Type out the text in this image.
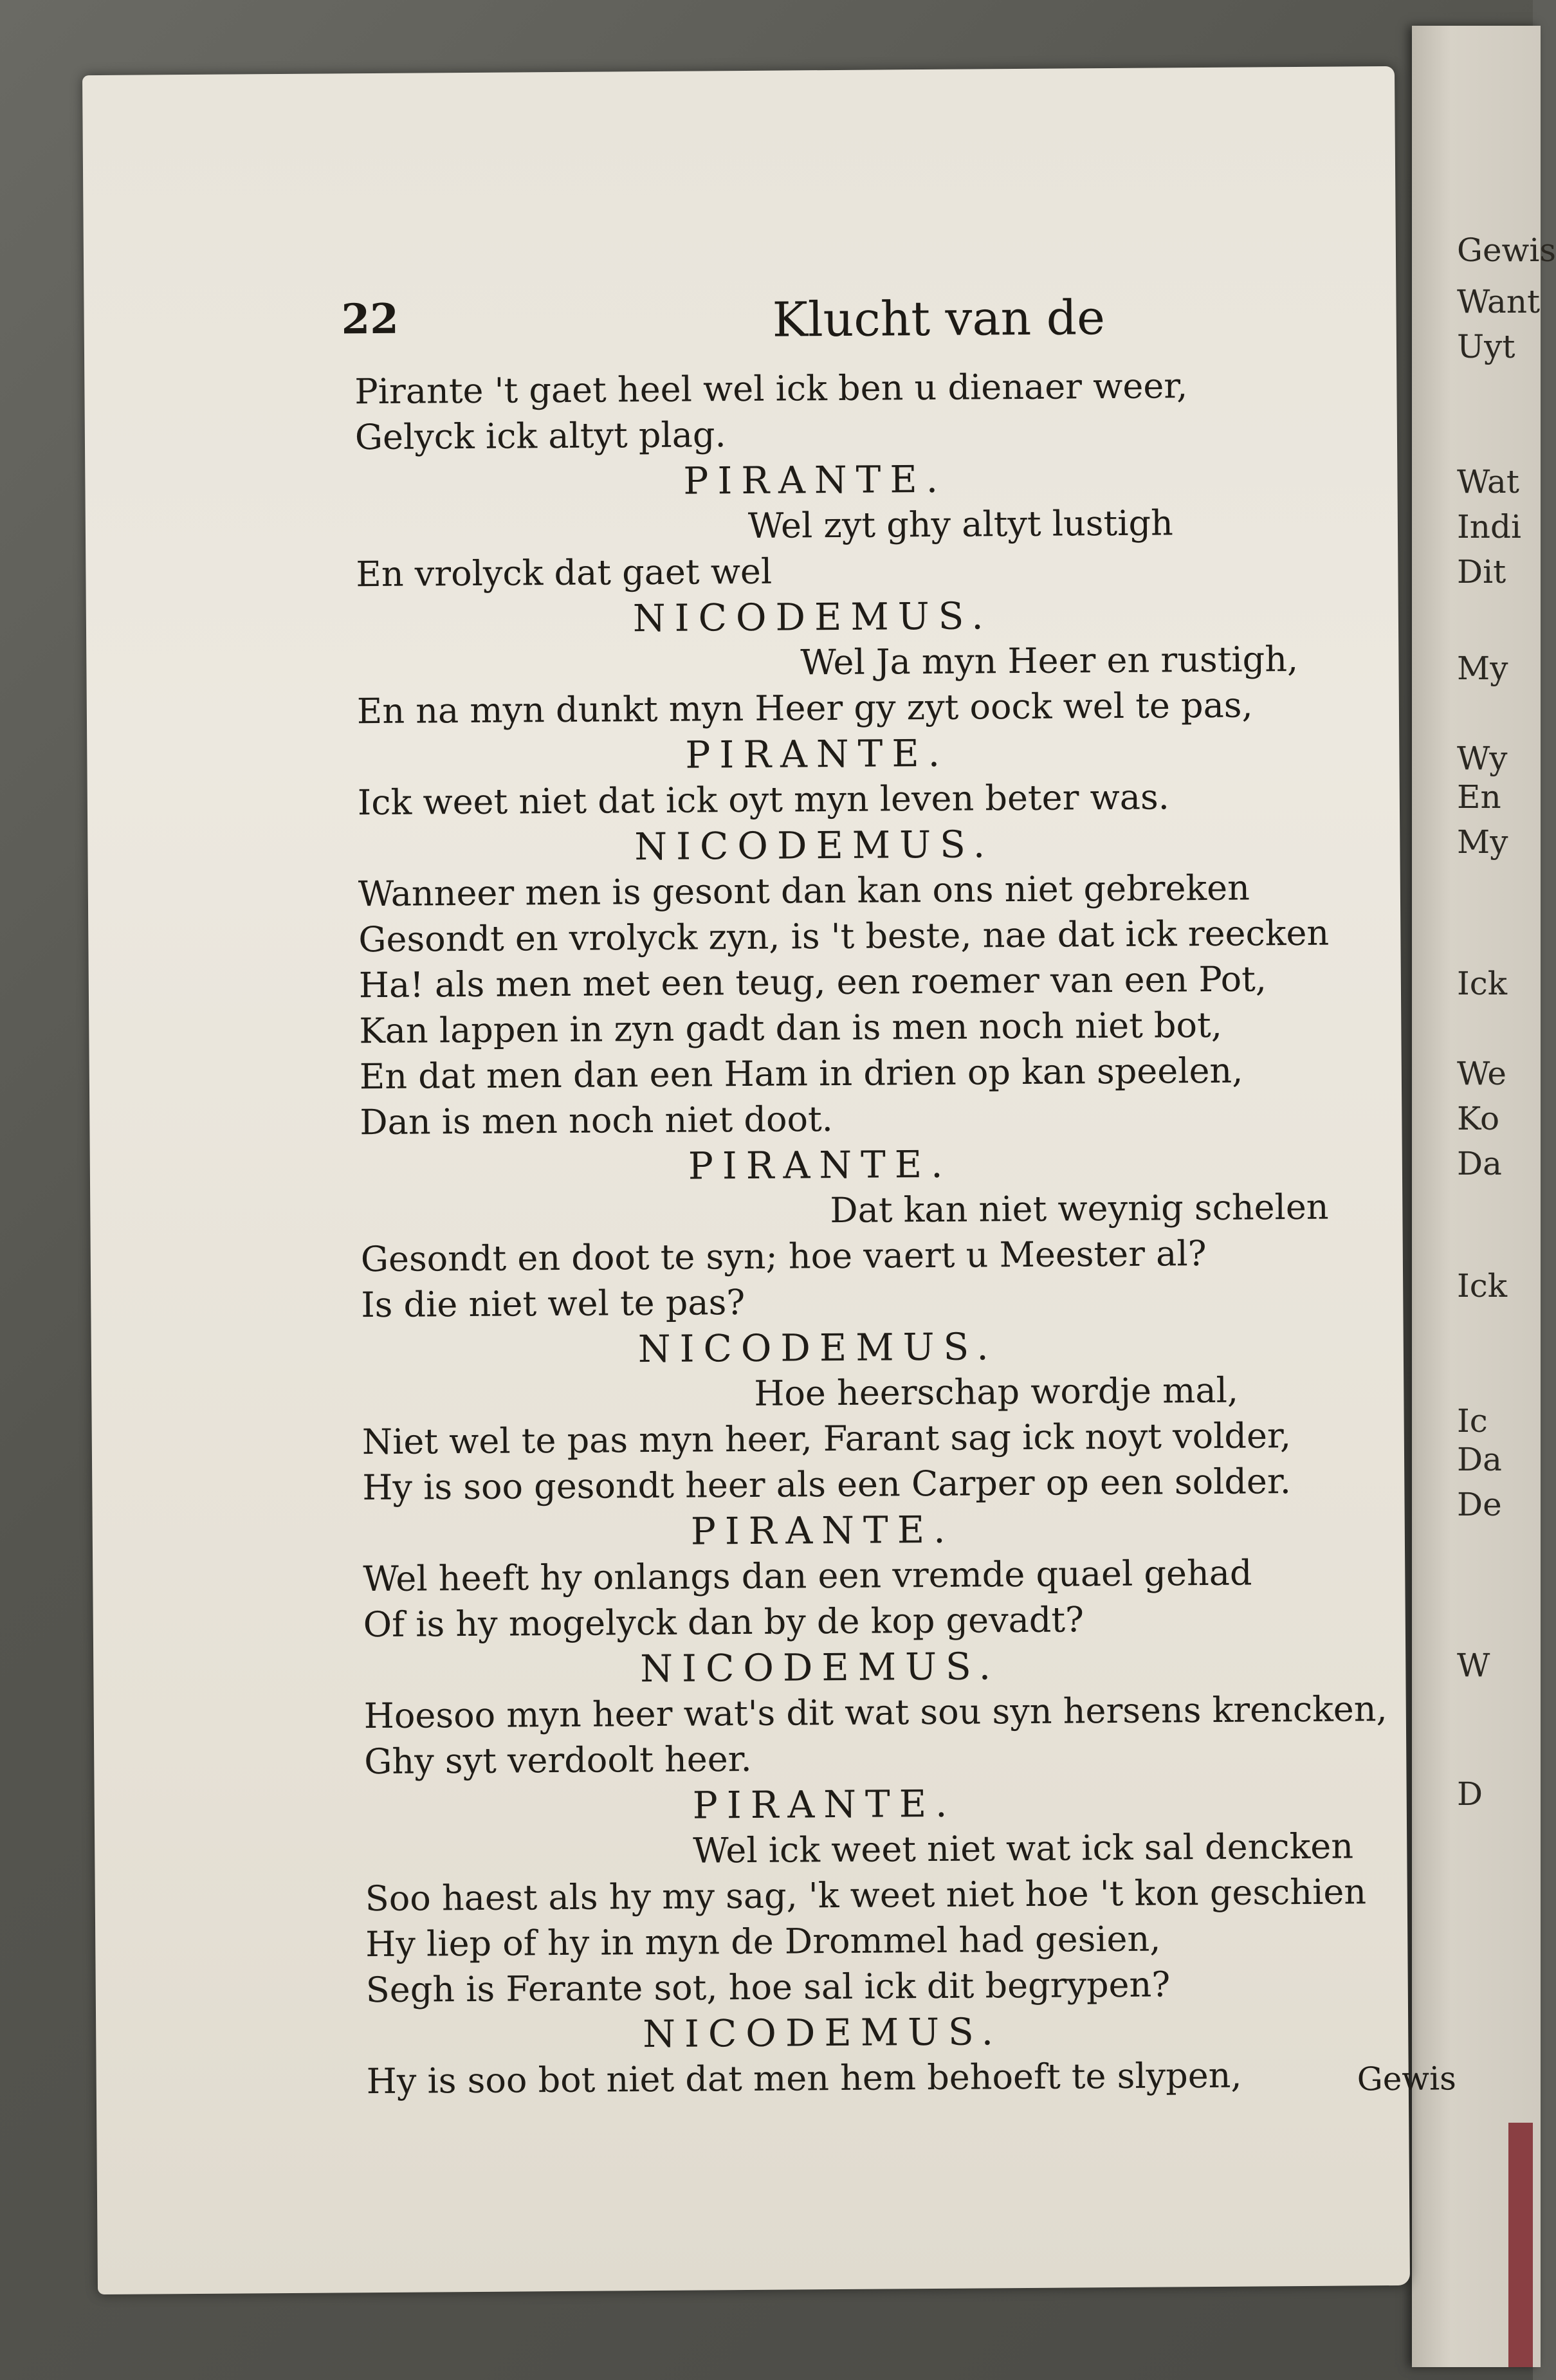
Gewis
Want
Uyt
Wat
Indi
Dit
My
Wy
En
My
Ick
We
Ko
Da
Ick
Ic
Da
De
W
D
22	Klucht van de
Pirante 't gaet heel wel ick ben u dienaer weer,
Gelyck ick altyt plag.
PIRANTE.
Wel zyt ghy altyt lustigh
En vrolyck dat gaet wel
NICODEMUS.
Wel Ja myn Heer en rustigh,
En na myn dunkt myn Heer gy zyt oock wel te pas,
PIRANTE.
Ick weet niet dat ick oyt myn leven beter was.
NICODEMUS.
Wanneer men is gesont dan kan ons niet gebreken
Gesondt en vrolyck zyn, is 't beste, nae dat ick reecken
Ha! als men met een teug, een roemer van een Pot,
Kan lappen in zyn gadt dan is men noch niet bot,
En dat men dan een Ham in drien op kan speelen,
Dan is men noch niet doot.
PIRANTE.
Dat kan niet weynig schelen
Gesondt en doot te syn; hoe vaert u Meester al?
Is die niet wel te pas?
NICODEMUS.
Hoe heerschap wordje mal,
Niet wel te pas myn heer, Farant sag ick noyt volder,
Hy is soo gesondt heer als een Carper op een solder.
PIRANTE.
Wel heeft hy onlangs dan een vremde quael gehad
Of is hy mogelyck dan by de kop gevadt?
NICODEMUS.
Hoesoo myn heer wat's dit wat sou syn hersens krencken,
Ghy syt verdoolt heer.
PIRANTE.
Wel ick weet niet wat ick sal dencken
Soo haest als hy my sag, 'k weet niet hoe 't kon geschien
Hy liep of hy in myn de Drommel had gesien,
Segh is Ferante sot, hoe sal ick dit begrypen?
NICODEMUS.
Hy is soo bot niet dat men hem behoeft te slypen,	Gewis
